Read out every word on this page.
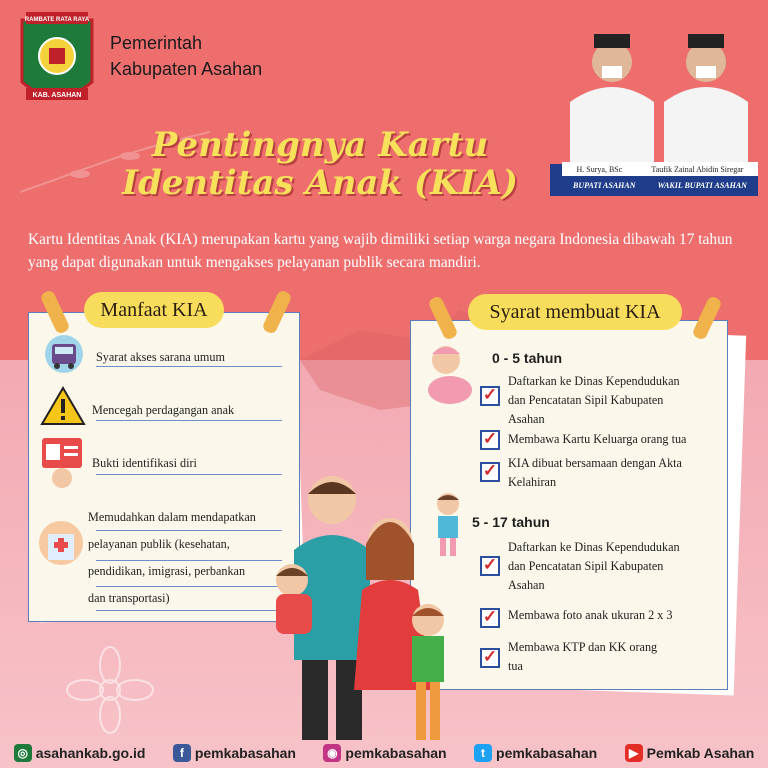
RAMBATE RATA RAYA
KAB. ASAHAN
Pemerintah
Kabupaten Asahan
Pentingnya Kartu
Identitas Anak (KIA)	H. Surya, BSc	Taufik Zainal Abidin Siregar
BUPATI ASAHAN	WAKIL BUPATI ASAHAN
Kartu Identitas Anak (KIA) merupakan kartu yang wajib dimiliki setiap warga negara Indonesia dibawah 17 tahun yang dapat digunakan untuk mengakses pelayanan publik secara mandiri.
Manfaat KIA
Syarat akses sarana umum
Mencegah perdagangan anak
Bukti identifikasi diri
Memudahkan dalam mendapatkan
pelayanan publik (kesehatan,
pendidikan, imigrasi, perbankan
dan transportasi)
Syarat membuat KIA
0 - 5 tahun
✓
Daftarkan ke Dinas Kependudukan
dan Pencatatan Sipil Kabupaten
Asahan
✓ Membawa Kartu Keluarga orang tua
✓ KIA dibuat bersamaan dengan Akta
Kelahiran
5 - 17 tahun
✓
Daftarkan ke Dinas Kependudukan
dan Pencatatan Sipil Kabupaten
Asahan
✓ Membawa foto anak ukuran 2 x 3
✓ Membawa KTP dan KK orang
tua
◎ asahankab.go.id	f pemkabasahan	◉ pemkabasahan	t pemkabasahan	▶ Pemkab Asahan
